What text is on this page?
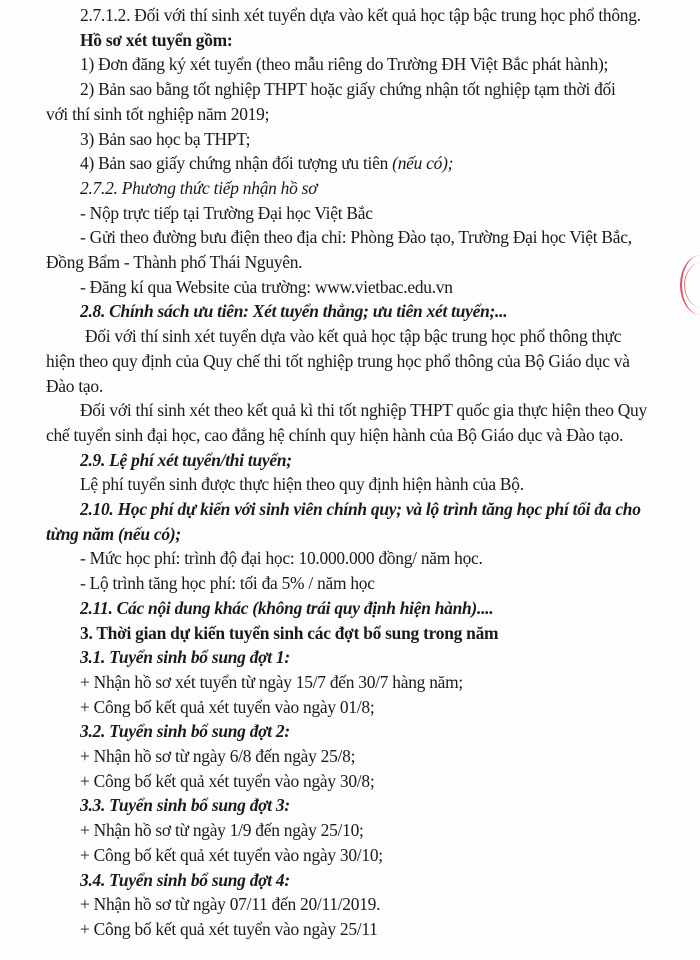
2.7.1.2. Đối với thí sinh xét tuyển dựa vào kết quả học tập bậc trung học phổ thông.
Hồ sơ xét tuyển gồm:
1) Đơn đăng ký xét tuyển (theo mẫu riêng do Trường ĐH Việt Bắc phát hành);
2) Bản sao bằng tốt nghiệp THPT hoặc giấy chứng nhận tốt nghiệp tạm thời đối
với thí sinh tốt nghiệp năm 2019;
3) Bản sao học bạ THPT;
4) Bản sao giấy chứng nhận đối tượng ưu tiên (nếu có);
2.7.2. Phương thức tiếp nhận hồ sơ
- Nộp trực tiếp tại Trường Đại học Việt Bắc
- Gửi theo đường bưu điện theo địa chỉ: Phòng Đào tạo, Trường Đại học Việt Bắc,
Đồng Bẩm - Thành phố Thái Nguyên.
- Đăng kí qua Website của trường: www.vietbac.edu.vn
2.8. Chính sách ưu tiên: Xét tuyển thẳng; ưu tiên xét tuyển;...
Đối với thí sinh xét tuyển dựa vào kết quả học tập bậc trung học phổ thông thực
hiện theo quy định của Quy chế thi tốt nghiệp trung học phổ thông của Bộ Giáo dục và
Đào tạo.
Đối với thí sinh xét theo kết quả kì thi tốt nghiệp THPT quốc gia thực hiện theo Quy
chế tuyển sinh đại học, cao đẳng hệ chính quy hiện hành của Bộ Giáo dục và Đào tạo.
2.9. Lệ phí xét tuyển/thi tuyển;
Lệ phí tuyển sinh được thực hiện theo quy định hiện hành của Bộ.
2.10. Học phí dự kiến với sinh viên chính quy; và lộ trình tăng học phí tối đa cho
từng năm (nếu có);
- Mức học phí: trình độ đại học: 10.000.000 đồng/ năm học.
- Lộ trình tăng học phí: tối đa 5% / năm học
2.11. Các nội dung khác (không trái quy định hiện hành)....
3. Thời gian dự kiến tuyển sinh các đợt bổ sung trong năm
3.1. Tuyển sinh bổ sung đợt 1:
+ Nhận hồ sơ xét tuyển từ ngày 15/7 đến 30/7 hàng năm;
+ Công bố kết quả xét tuyển vào ngày 01/8;
3.2. Tuyển sinh bổ sung đợt 2:
+ Nhận hồ sơ từ ngày 6/8 đến ngày 25/8;
+ Công bố kết quả xét tuyển vào ngày 30/8;
3.3. Tuyển sinh bổ sung đợt 3:
+ Nhận hồ sơ từ ngày 1/9 đến ngày 25/10;
+ Công bố kết quả xét tuyển vào ngày 30/10;
3.4. Tuyển sinh bổ sung đợt 4:
+ Nhận hồ sơ từ ngày 07/11 đến 20/11/2019.
+ Công bố kết quả xét tuyển vào ngày 25/11
